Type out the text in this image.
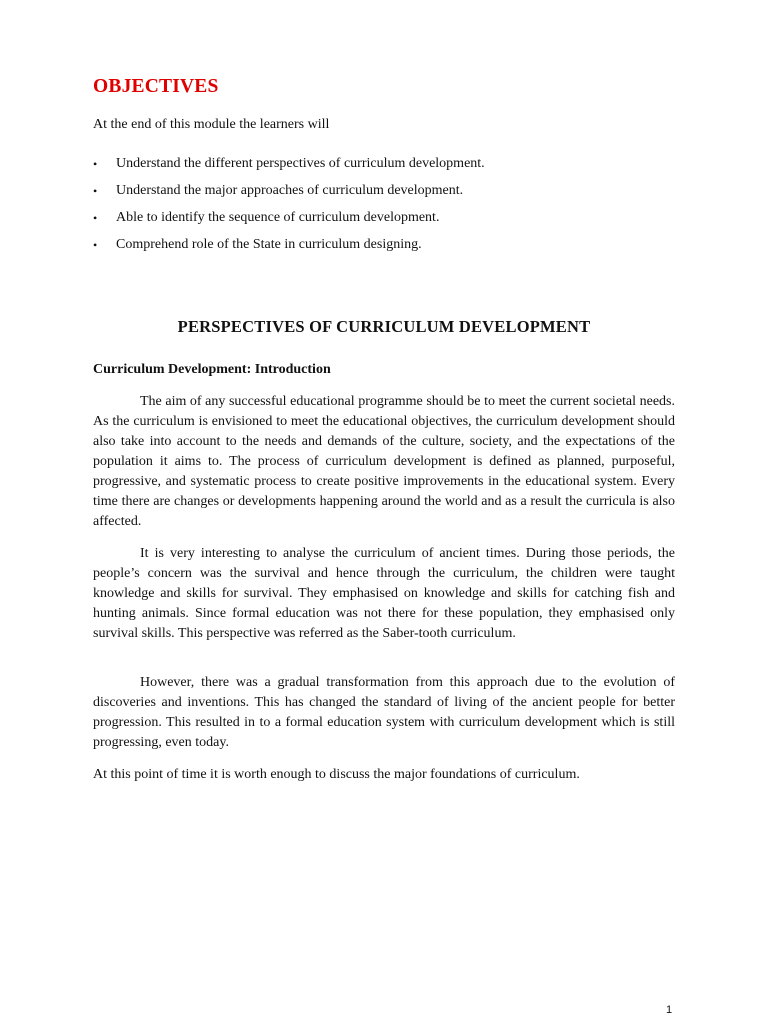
OBJECTIVES

At the end of this module the learners will

• Understand the different perspectives of curriculum development.
• Understand the major approaches of curriculum development.
• Able to identify the sequence of curriculum development.
• Comprehend role of the State in curriculum designing.
PERSPECTIVES OF CURRICULUM DEVELOPMENT
Curriculum Development: Introduction

The aim of any successful educational programme should be to meet the current societal needs. As the curriculum is envisioned to meet the educational objectives, the curriculum development should also take into account to the needs and demands of the culture, society, and the expectations of the population it aims to. The process of curriculum development is defined as planned, purposeful, progressive, and systematic process to create positive improvements in the educational system. Every time there are changes or developments happening around the world and as a result the curricula is also affected.

It is very interesting to analyse the curriculum of ancient times. During those periods, the people’s concern was the survival and hence through the curriculum, the children were taught knowledge and skills for survival. They emphasised on knowledge and skills for catching fish and hunting animals. Since formal education was not there for these population, they emphasised only survival skills. This perspective was referred as the Saber-tooth curriculum.

However, there was a gradual transformation from this approach due to the evolution of discoveries and inventions. This has changed the standard of living of the ancient people for better progression. This resulted in to a formal education system with curriculum development which is still progressing, even today.

At this point of time it is worth enough to discuss the major foundations of curriculum.

1
